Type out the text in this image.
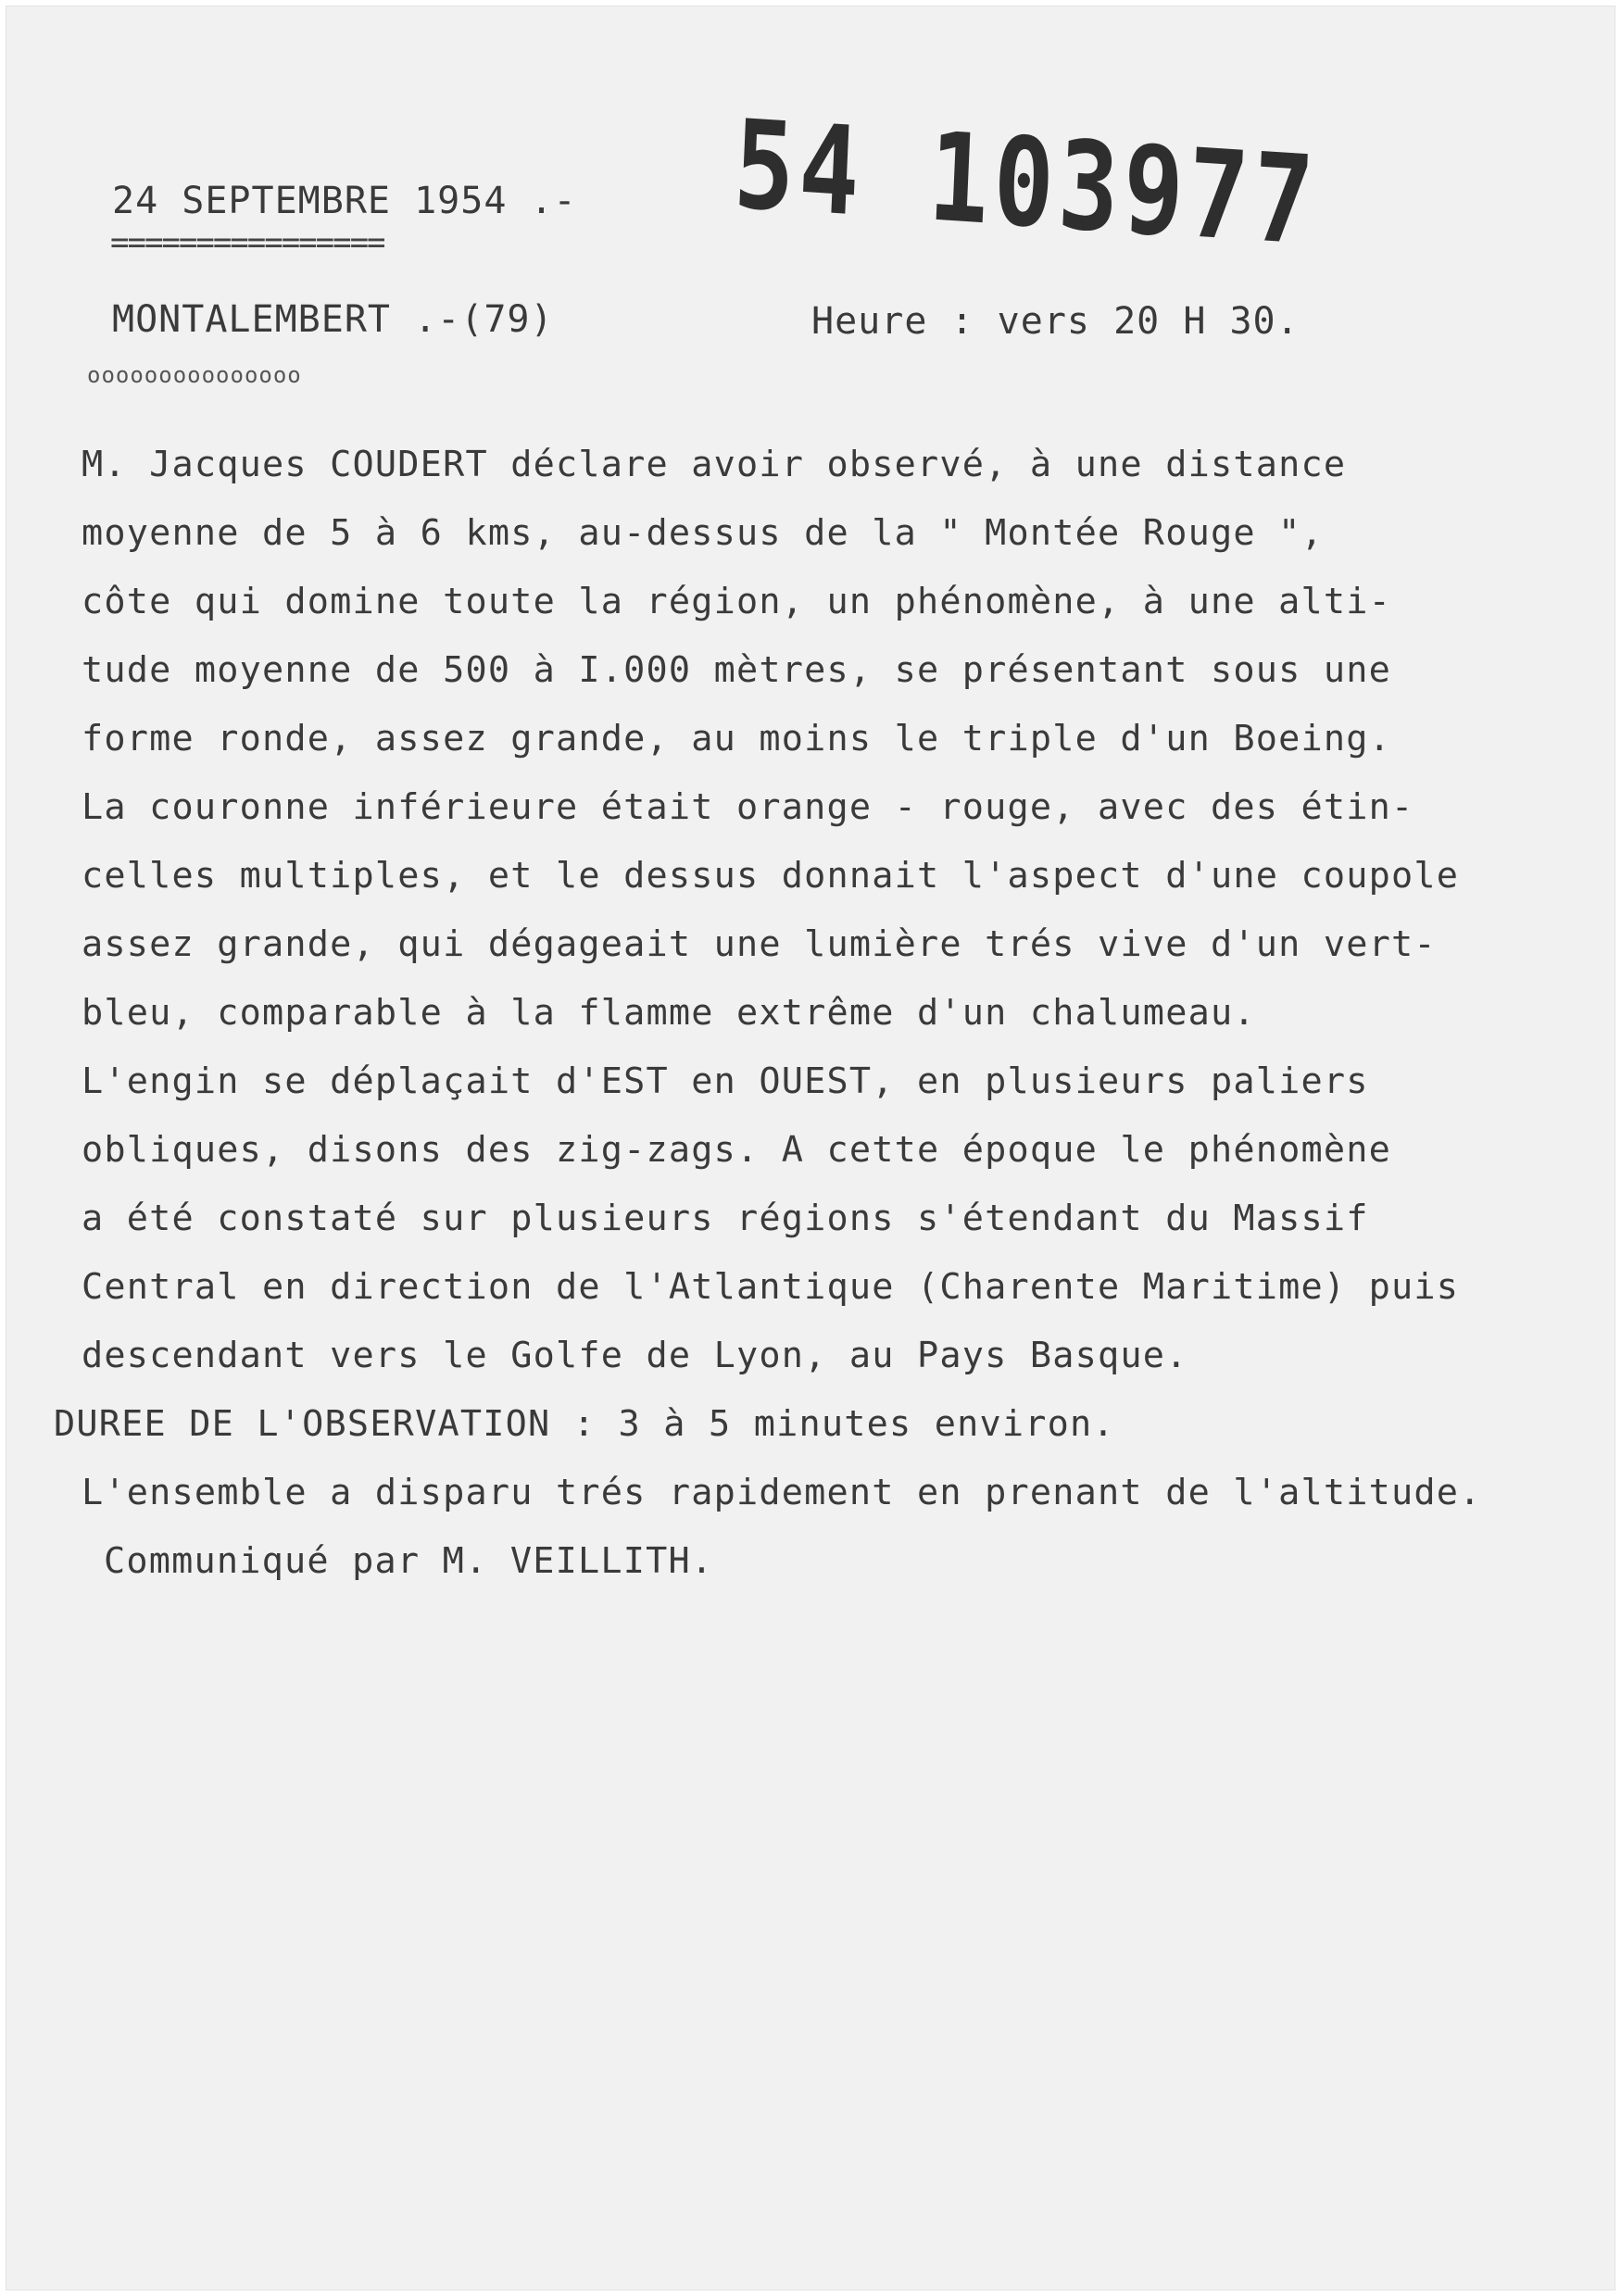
54 103977
24 SEPTEMBRE 1954 .-
================
MONTALEMBERT .-(79)	Heure : vers 20 H 30.
ooooooooooooooo
M. Jacques COUDERT déclare avoir observé, à une distance
moyenne de 5 à 6 kms, au-dessus de la " Montée Rouge ",
côte qui domine toute la région, un phénomène, à une alti-
tude moyenne de 500 à I.000 mètres, se présentant sous une
forme ronde, assez grande, au moins le triple d'un Boeing.
La couronne inférieure était orange - rouge, avec des étin-
celles multiples, et le dessus donnait l'aspect d'une coupole
assez grande, qui dégageait une lumière trés vive d'un vert-
bleu, comparable à la flamme extrême d'un chalumeau.
L'engin se déplaçait d'EST en OUEST, en plusieurs paliers
obliques, disons des zig-zags. A cette époque le phénomène
a été constaté sur plusieurs régions s'étendant du Massif
Central en direction de l'Atlantique (Charente Maritime) puis
descendant vers le Golfe de Lyon, au Pays Basque.
DUREE DE L'OBSERVATION : 3 à 5 minutes environ.
L'ensemble a disparu trés rapidement en prenant de l'altitude.
Communiqué par M. VEILLITH.
